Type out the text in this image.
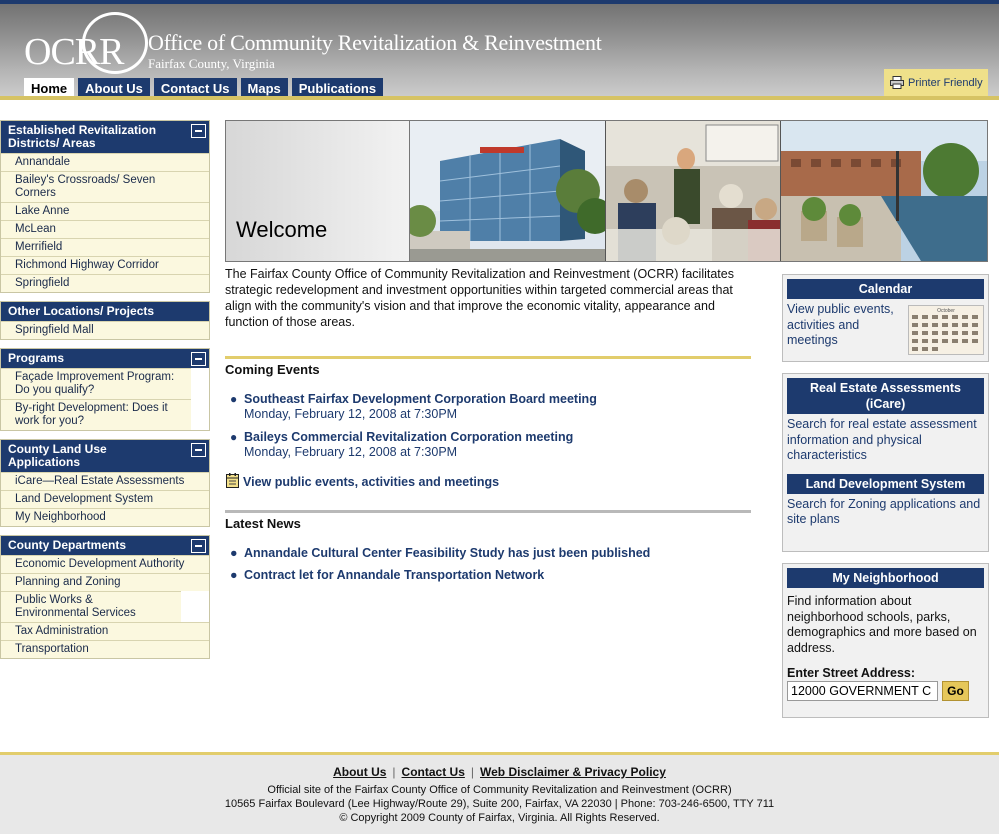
OCRR Office of Community Revitalization & Reinvestment
Fairfax County, Virginia
Home	About Us	Contact Us	Maps	Publications	Printer Friendly
Established Revitalization Districts/ Areas
Annandale
Bailey's Crossroads/ Seven Corners
Lake Anne
McLean
Merrifield
Richmond Highway Corridor
Springfield
Other Locations/ Projects
Springfield Mall
Programs
Façade Improvement Program: Do you qualify?
By-right Development: Does it work for you?
County Land Use Applications
iCare—Real Estate Assessments
Land Development System
My Neighborhood
County Departments
Economic Development Authority
Planning and Zoning
Public Works & Environmental Services
Tax Administration
Transportation
Welcome
The Fairfax County Office of Community Revitalization and Reinvestment (OCRR) facilitates strategic redevelopment and investment opportunities within targeted commercial areas that align with the community's vision and that improve the economic vitality, appearance and function of those areas.
Coming Events
● Southeast Fairfax Development Corporation Board meeting
Monday, February 12, 2008 at 7:30PM
● Baileys Commercial Revitalization Corporation meeting
Monday, February 12, 2008 at 7:30PM
View public events, activities and meetings
Latest News
● Annandale Cultural Center Feasibility Study has just been published
● Contract let for Annandale Transportation Network
Calendar
View public events, activities and meetings
October
Real Estate Assessments (iCare)
Search for real estate assessment information and physical characteristics
Land Development System
Search for Zoning applications and site plans
My Neighborhood
Find information about neighborhood schools, parks, demographics and more based on address.
Enter Street Address:
12000 GOVERNMENT C
Go
About Us | Contact Us | Web Disclaimer & Privacy Policy
Official site of the Fairfax County Office of Community Revitalization and Reinvestment (OCRR)
10565 Fairfax Boulevard (Lee Highway/Route 29), Suite 200, Fairfax, VA 22030 | Phone: 703-246-6500, TTY 711
© Copyright 2009 County of Fairfax, Virginia. All Rights Reserved.
